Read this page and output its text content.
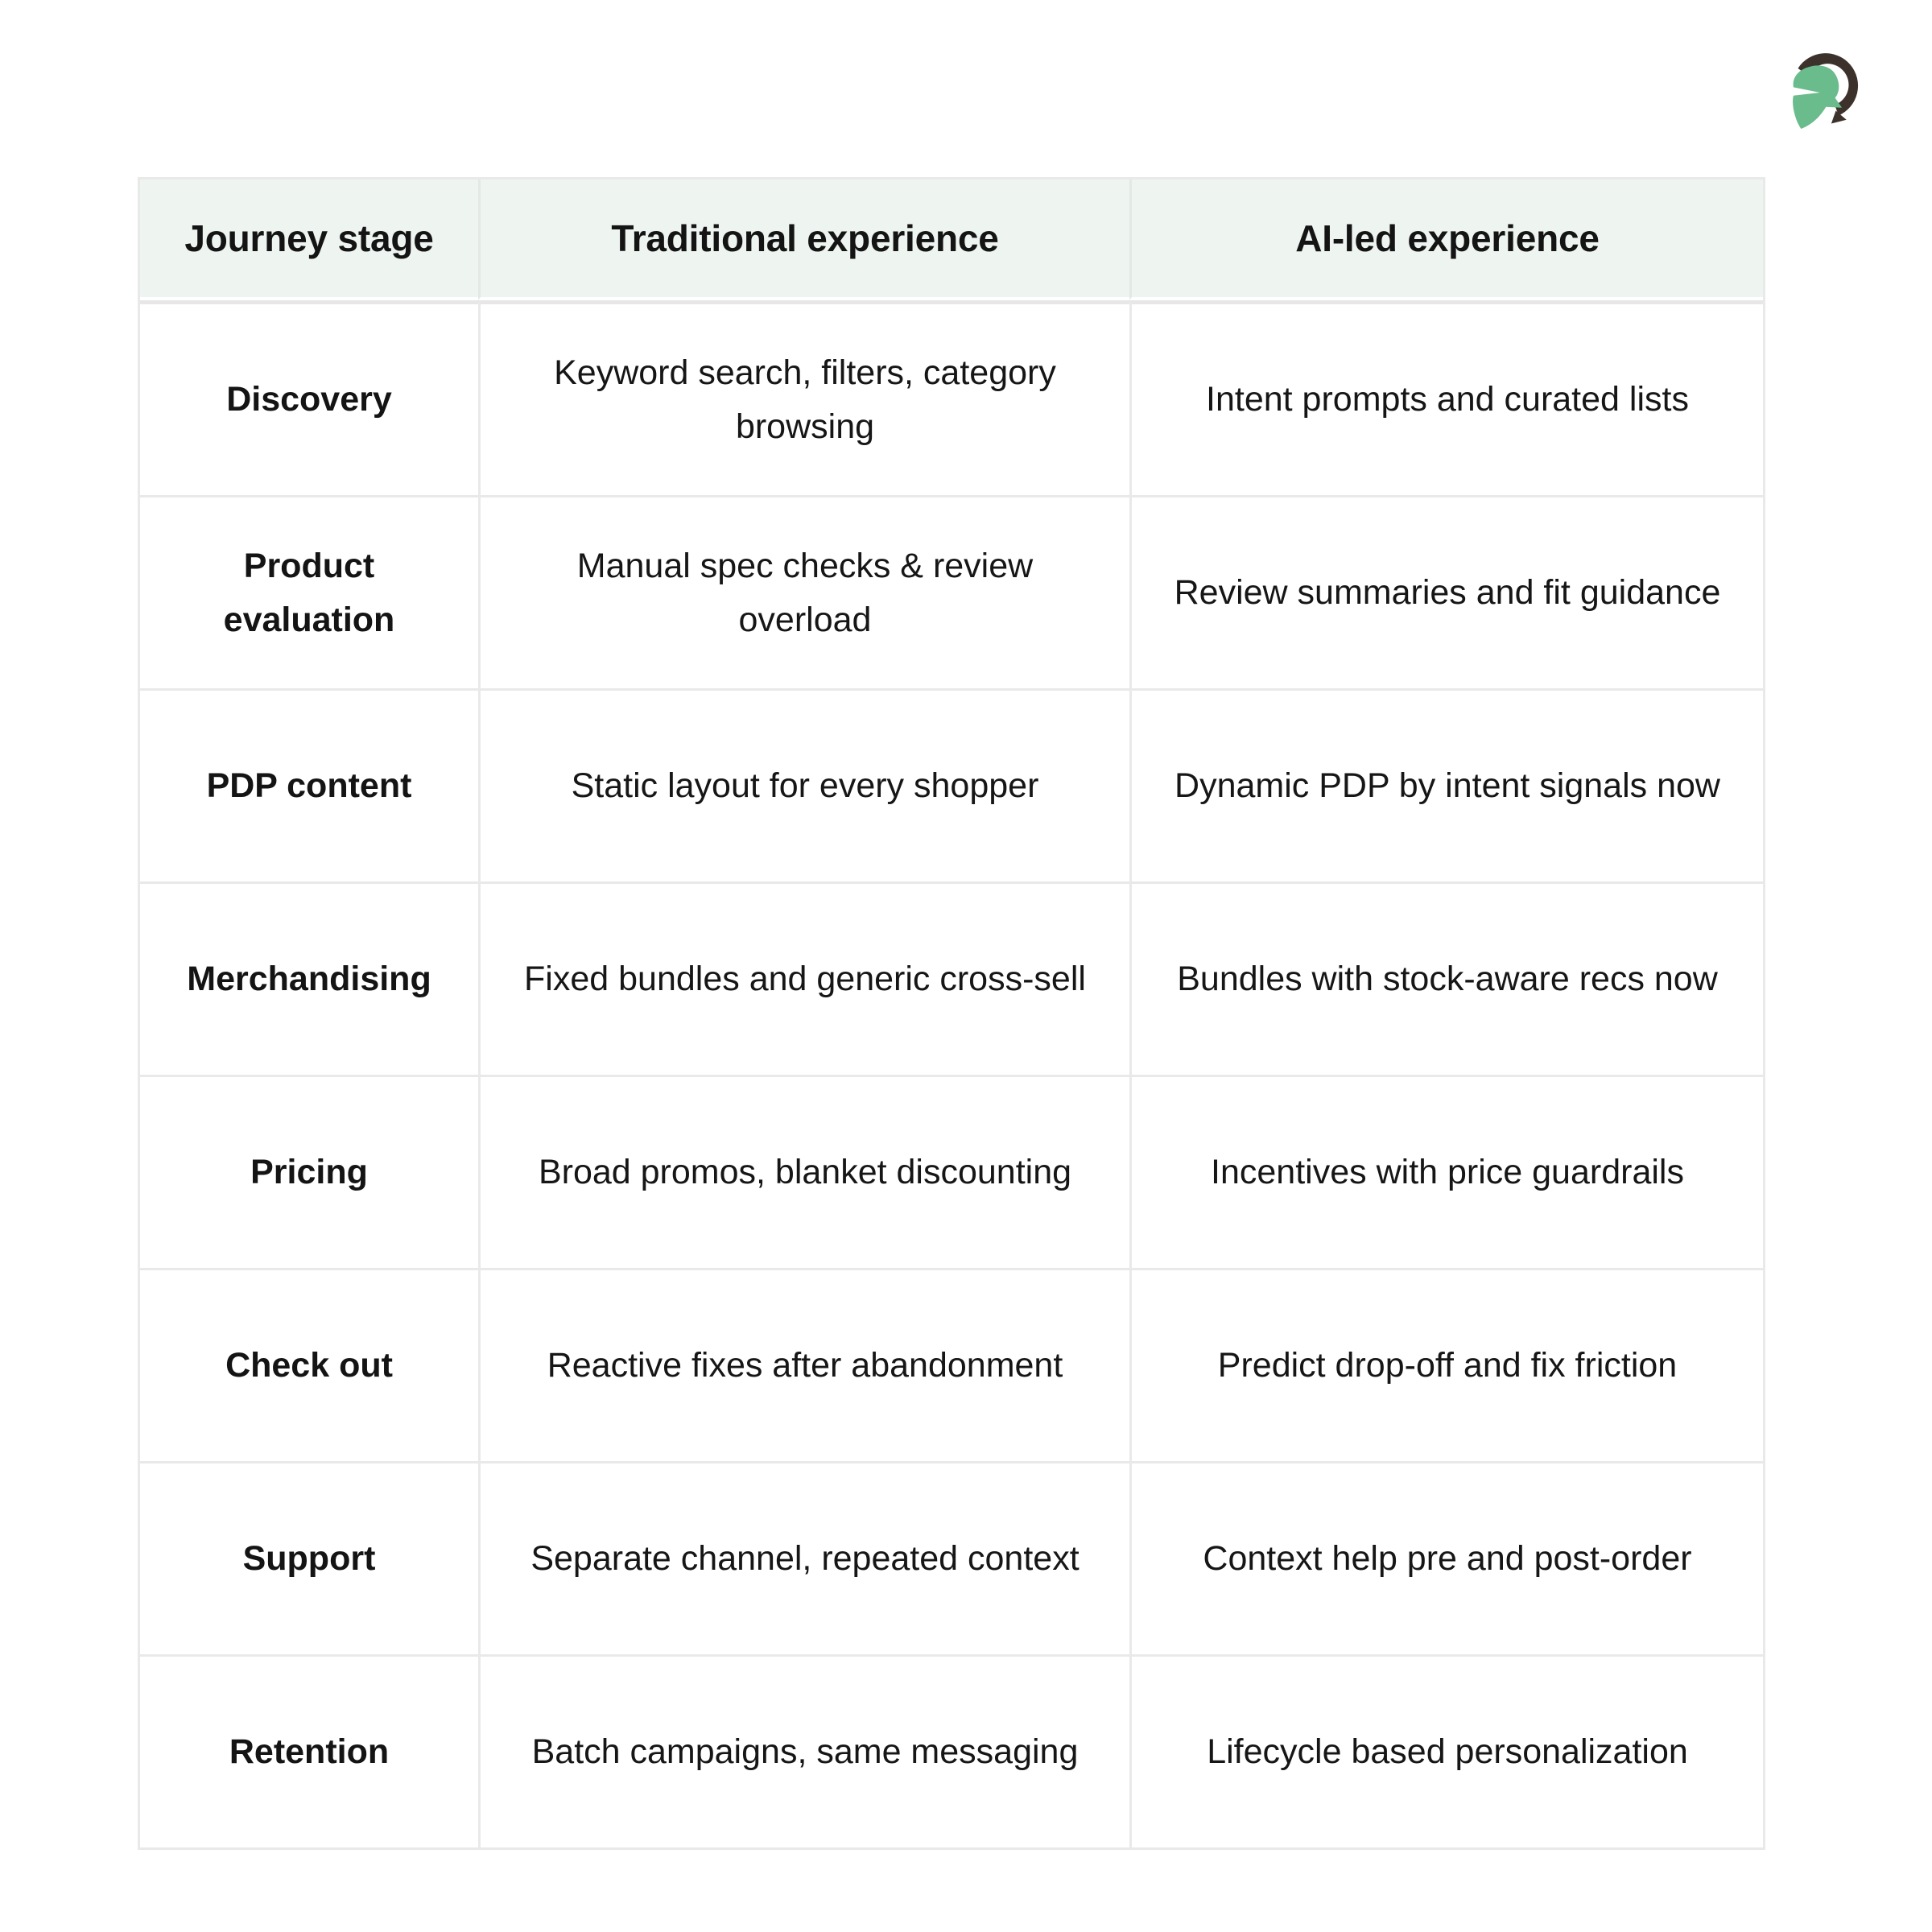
Journey stage	Traditional experience	AI-led experience
Discovery	Keyword search, filters, category browsing	Intent prompts and curated lists
Product evaluation	Manual spec checks & review overload	Review summaries and fit guidance
PDP content	Static layout for every shopper	Dynamic PDP by intent signals now
Merchandising	Fixed bundles and generic cross-sell	Bundles with stock-aware recs now
Pricing	Broad promos, blanket discounting	Incentives with price guardrails
Check out	Reactive fixes after abandonment	Predict drop-off and fix friction
Support	Separate channel, repeated context	Context help pre and post-order
Retention	Batch campaigns, same messaging	Lifecycle based personalization
